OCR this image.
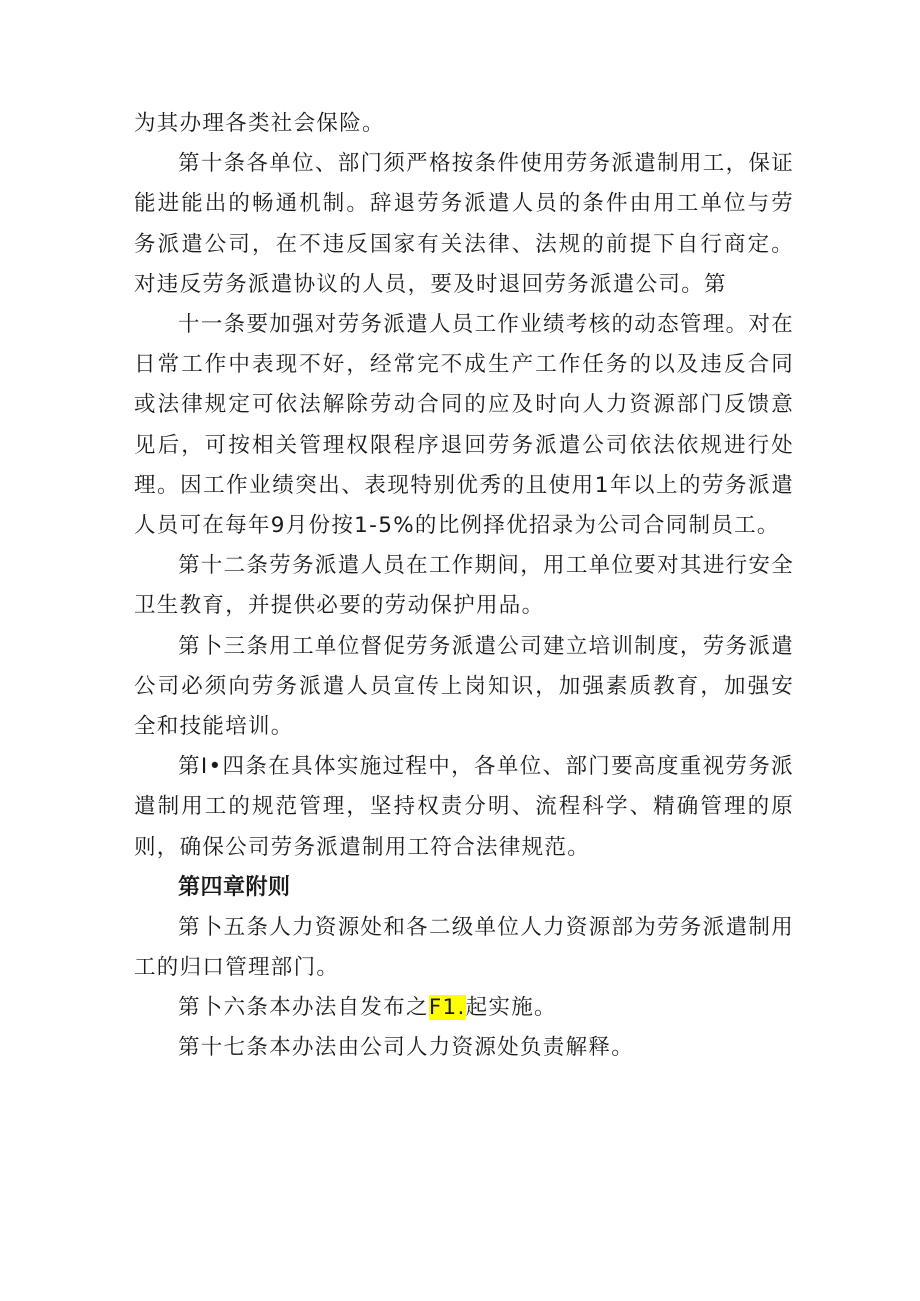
为其办理各类社会保险。

第十条各单位、部门须严格按条件使用劳务派遣制用工，保证能进能出的畅通机制。辞退劳务派遣人员的条件由用工单位与劳务派遣公司，在不违反国家有关法律、法规的前提下自行商定。对违反劳务派遣协议的人员，要及时退回劳务派遣公司。第

十一条要加强对劳务派遣人员工作业绩考核的动态管理。对在日常工作中表现不好，经常完不成生产工作任务的以及违反合同或法律规定可依法解除劳动合同的应及时向人力资源部门反馈意见后，可按相关管理权限程序退回劳务派遣公司依法依规进行处理。因工作业绩突出、表现特别优秀的且使用1年以上的劳务派遣人员可在每年9月份按1-5%的比例择优招录为公司合同制员工。

第十二条劳务派遣人员在工作期间，用工单位要对其进行安全卫生教育，并提供必要的劳动保护用品。

第卜三条用工单位督促劳务派遣公司建立培训制度，劳务派遣公司必须向劳务派遣人员宣传上岗知识，加强素质教育，加强安全和技能培训。

第I•四条在具体实施过程中，各单位、部门要高度重视劳务派遣制用工的规范管理，坚持权责分明、流程科学、精确管理的原则，确保公司劳务派遣制用工符合法律规范。

第四章附则

第卜五条人力资源处和各二级单位人力资源部为劳务派遣制用工的归口管理部门。

第卜六条本办法自发布之F1.起实施。

第十七条本办法由公司人力资源处负责解释。
